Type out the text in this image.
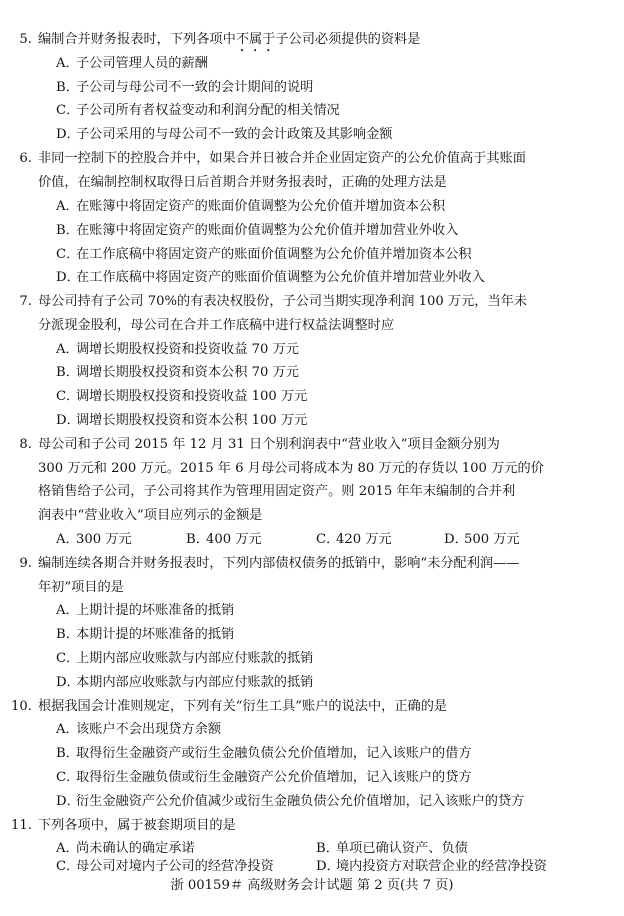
5. 编制合并财务报表时，下列各项中不属于子公司必须提供的资料是
A．子公司管理人员的薪酬
B．子公司与母公司不一致的会计期间的说明
C．子公司所有者权益变动和利润分配的相关情况
D．子公司采用的与母公司不一致的会计政策及其影响金额
6. 非同一控制下的控股合并中，如果合并日被合并企业固定资产的公允价值高于其账面
价值，在编制控制权取得日后首期合并财务报表时，正确的处理方法是
A．在账簿中将固定资产的账面价值调整为公允价值并增加资本公积
B．在账簿中将固定资产的账面价值调整为公允价值并增加营业外收入
C．在工作底稿中将固定资产的账面价值调整为公允价值并增加资本公积
D．在工作底稿中将固定资产的账面价值调整为公允价值并增加营业外收入
7. 母公司持有子公司 70%的有表决权股份，子公司当期实现净利润 100 万元，当年未
分派现金股利，母公司在合并工作底稿中进行权益法调整时应
A．调增长期股权投资和投资收益 70 万元
B．调增长期股权投资和资本公积 70 万元
C．调增长期股权投资和投资收益 100 万元
D．调增长期股权投资和资本公积 100 万元
8. 母公司和子公司 2015 年 12 月 31 日个别利润表中“营业收入”项目金额分别为
300 万元和 200 万元。2015 年 6 月母公司将成本为 80 万元的存货以 100 万元的价
格销售给子公司，子公司将其作为管理用固定资产。则 2015 年年末编制的合并利
润表中“营业收入”项目应列示的金额是
A．300 万元	B．400 万元	C．420 万元	D．500 万元
9. 编制连续各期合并财务报表时，下列内部债权债务的抵销中，影响“未分配利润——
年初”项目的是
A．上期计提的坏账准备的抵销
B．本期计提的坏账准备的抵销
C．上期内部应收账款与内部应付账款的抵销
D．本期内部应收账款与内部应付账款的抵销
10. 根据我国会计准则规定，下列有关“衍生工具”账户的说法中，正确的是
A．该账户不会出现贷方余额
B．取得衍生金融资产或衍生金融负债公允价值增加，记入该账户的借方
C．取得衍生金融负债或衍生金融资产公允价值增加，记入该账户的贷方
D．衍生金融资产公允价值减少或衍生金融负债公允价值增加，记入该账户的贷方
11. 下列各项中，属于被套期项目的是
A．尚未确认的确定承诺	B．单项已确认资产、负债
C．母公司对境内子公司的经营净投资	D．境内投资方对联营企业的经营净投资
浙 00159＃ 高级财务会计试题 第 2 页(共 7 页)
